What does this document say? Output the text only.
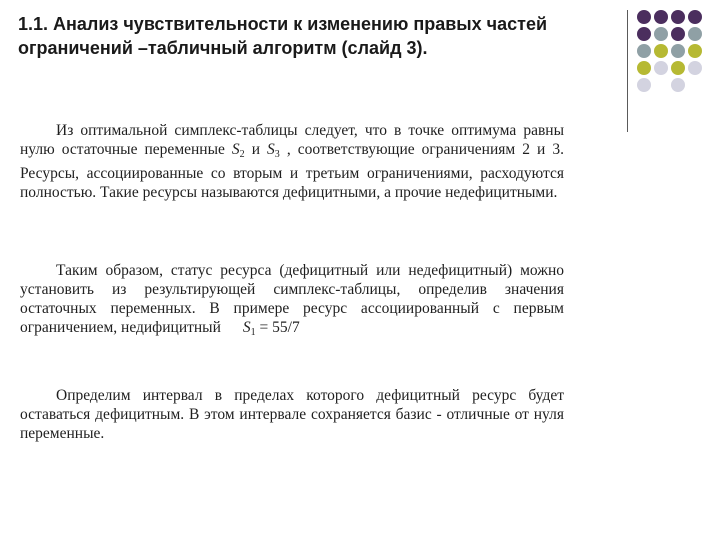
1.1. Анализ чувствительности к изменению правых частей ограничений –табличный алгоритм (слайд 3).

Из оптимальной симплекс-таблицы следует, что в точке оптимума равны нулю остаточные переменные $S_2$ и $S_3$ , соответствующие ограничениям 2 и 3. Ресурсы, ассоциированные со вторым и третьим ограничениями, расходуются полностью. Такие ресурсы называются дефицитными, а прочие недефицитными.

Таким образом, статус ресурса (дефицитный или недефицитный) можно установить из результирующей симплекс-таблицы, определив значения остаточных переменных. В примере ресурс ассоциированный с первым ограничением, недифицитный $S_1 = 55/7$

Определим интервал в пределах которого дефицитный ресурс будет оставаться дефицитным. В этом интервале сохраняется базис - отличные от нуля переменные.
